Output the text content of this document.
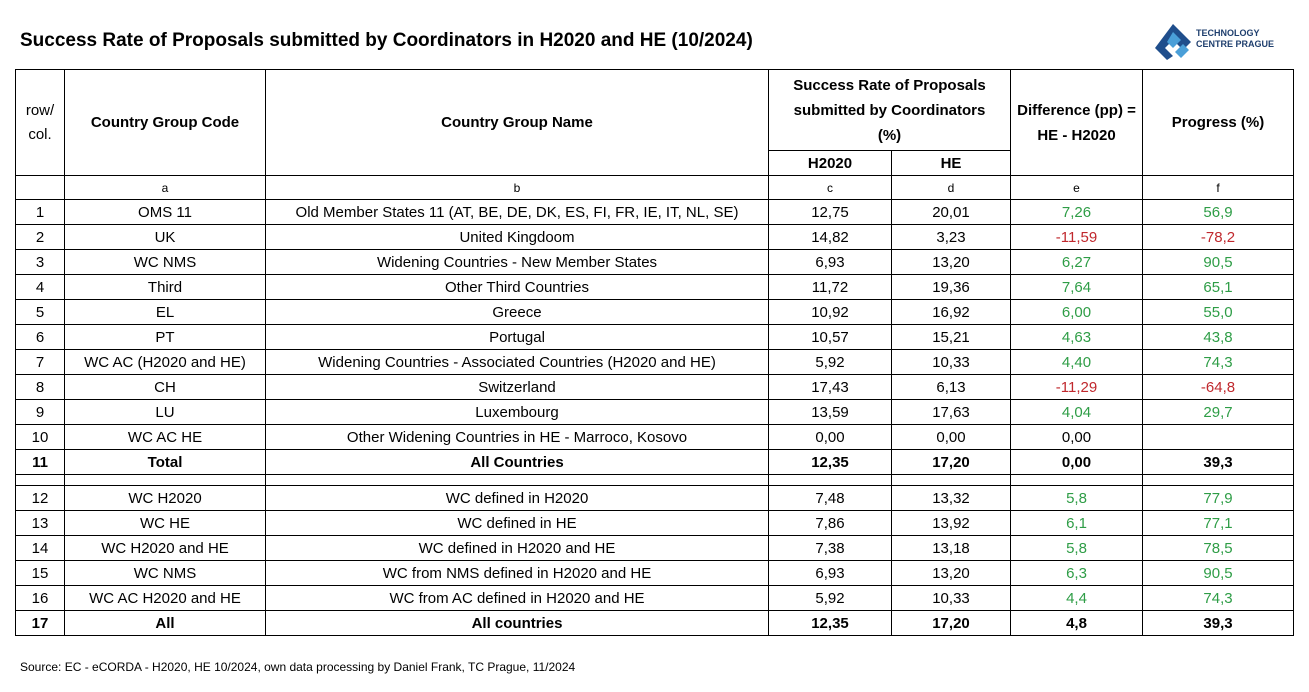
Success Rate of Proposals submitted by Coordinators in H2020 and HE (10/2024)	TECHNOLOGY
CENTRE PRAGUE
row/ col.	Country Group Code	Country Group Name	Success Rate of Proposals submitted by Coordinators (%)		Difference (pp) = HE - H2020	Progress (%)
			H2020	HE		
	a	b	c	d	e	f
1	OMS 11	Old Member States 11 (AT, BE, DE, DK, ES, FI, FR, IE, IT, NL, SE)	12,75	20,01	7,26	56,9
2	UK	United Kingdoom	14,82	3,23	-11,59	-78,2
3	WC NMS	Widening Countries - New Member States	6,93	13,20	6,27	90,5
4	Third	Other Third Countries	11,72	19,36	7,64	65,1
5	EL	Greece	10,92	16,92	6,00	55,0
6	PT	Portugal	10,57	15,21	4,63	43,8
7	WC AC (H2020 and HE)	Widening Countries - Associated Countries (H2020 and HE)	5,92	10,33	4,40	74,3
8	CH	Switzerland	17,43	6,13	-11,29	-64,8
9	LU	Luxembourg	13,59	17,63	4,04	29,7
10	WC AC HE	Other Widening Countries in HE - Marroco, Kosovo	0,00	0,00	0,00	
11	Total	All Countries	12,35	17,20	0,00	39,3

12	WC H2020	WC defined in H2020	7,48	13,32	5,8	77,9
13	WC HE	WC defined in HE	7,86	13,92	6,1	77,1
14	WC H2020 and HE	WC defined in H2020 and HE	7,38	13,18	5,8	78,5
15	WC NMS	WC from NMS defined in H2020 and HE	6,93	13,20	6,3	90,5
16	WC AC H2020 and HE	WC from AC defined in H2020 and HE	5,92	10,33	4,4	74,3
17	All	All countries	12,35	17,20	4,8	39,3
Source: EC - eCORDA - H2020, HE 10/2024, own data processing by Daniel Frank, TC Prague, 11/2024
